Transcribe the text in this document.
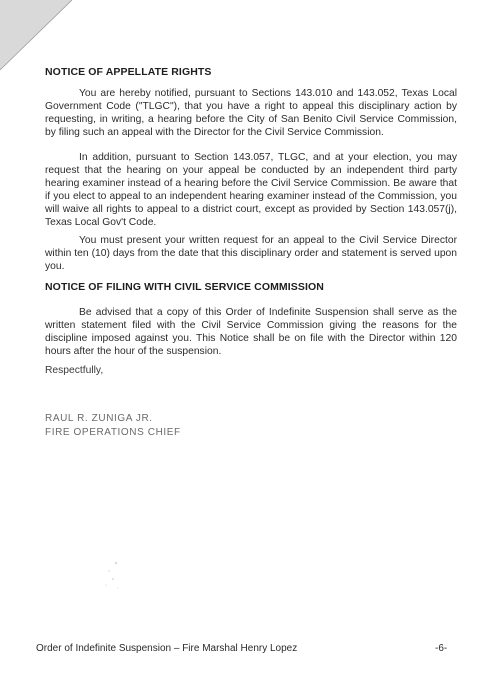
NOTICE OF APPELLATE RIGHTS

You are hereby notified, pursuant to Sections 143.010 and 143.052, Texas Local Government Code ("TLGC"), that you have a right to appeal this disciplinary action by requesting, in writing, a hearing before the City of San Benito Civil Service Commission, by filing such an appeal with the Director for the Civil Service Commission.

In addition, pursuant to Section 143.057, TLGC, and at your election, you may request that the hearing on your appeal be conducted by an independent third party hearing examiner instead of a hearing before the Civil Service Commission. Be aware that if you elect to appeal to an independent hearing examiner instead of the Commission, you will waive all rights to appeal to a district court, except as provided by Section 143.057(j), Texas Local Gov't Code.

You must present your written request for an appeal to the Civil Service Director within ten (10) days from the date that this disciplinary order and statement is served upon you.

NOTICE OF FILING WITH CIVIL SERVICE COMMISSION

Be advised that a copy of this Order of Indefinite Suspension shall serve as the written statement filed with the Civil Service Commission giving the reasons for the discipline imposed against you. This Notice shall be on file with the Director within 120 hours after the hour of the suspension.

Respectfully,

RAUL R. ZUNIGA JR.

FIRE OPERATIONS CHIEF

Order of Indefinite Suspension – Fire Marshal Henry Lopez	-6-
